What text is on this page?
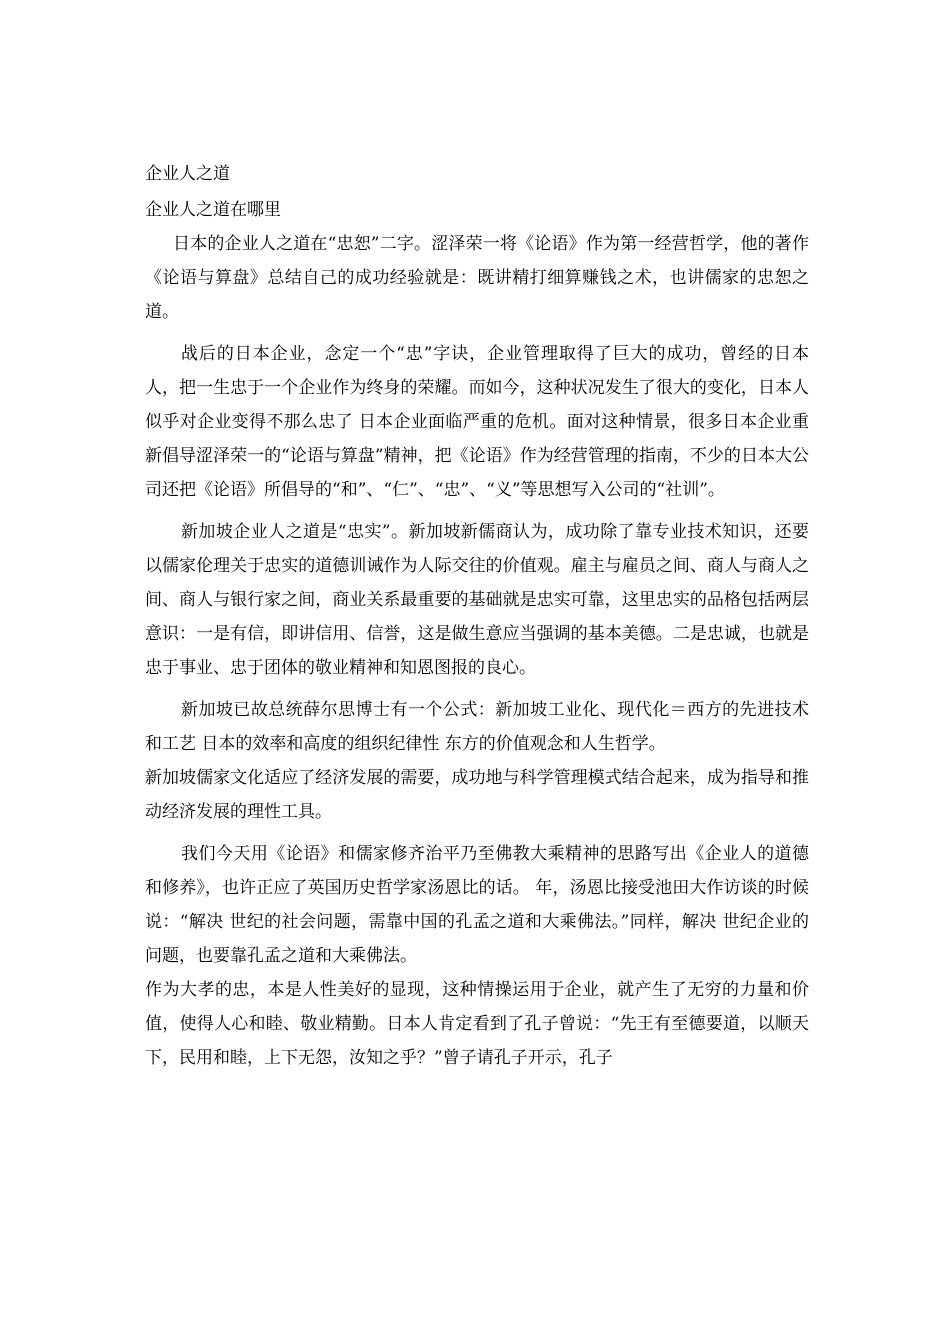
企业人之道
企业人之道在哪里

日本的企业人之道在“忠恕”二字。涩泽荣一将《论语》作为第一经营哲学，他的著作《论语与算盘》总结自己的成功经验就是：既讲精打细算赚钱之术，也讲儒家的忠恕之道。

战后的日本企业，念定一个“忠”字诀，企业管理取得了巨大的成功，曾经的日本人，把一生忠于一个企业作为终身的荣耀。而如今，这种状况发生了很大的变化，日本人似乎对企业变得不那么忠了 日本企业面临严重的危机。面对这种情景，很多日本企业重新倡导涩泽荣一的“论语与算盘”精神，把《论语》作为经营管理的指南，不少的日本大公司还把《论语》所倡导的“和”、“仁”、“忠”、“义”等思想写入公司的“社训”。

新加坡企业人之道是“忠实”。新加坡新儒商认为，成功除了靠专业技术知识，还要以儒家伦理关于忠实的道德训诫作为人际交往的价值观。雇主与雇员之间、商人与商人之间、商人与银行家之间，商业关系最重要的基础就是忠实可靠，这里忠实的品格包括两层意识：一是有信，即讲信用、信誉，这是做生意应当强调的基本美德。二是忠诚，也就是忠于事业、忠于团体的敬业精神和知恩图报的良心。

新加坡已故总统薛尔思博士有一个公式：新加坡工业化、现代化＝西方的先进技术和工艺 日本的效率和高度的组织纪律性 东方的价值观念和人生哲学。

新加坡儒家文化适应了经济发展的需要，成功地与科学管理模式结合起来，成为指导和推动经济发展的理性工具。

我们今天用《论语》和儒家修齐治平乃至佛教大乘精神的思路写出《企业人的道德和修养》，也许正应了英国历史哲学家汤恩比的话。 年，汤恩比接受池田大作访谈的时候说：“解决 世纪的社会问题，需靠中国的孔孟之道和大乘佛法。”同样，解决 世纪企业的问题，也要靠孔孟之道和大乘佛法。

作为大孝的忠，本是人性美好的显现，这种情操运用于企业，就产生了无穷的力量和价值，使得人心和睦、敬业精勤。日本人肯定看到了孔子曾说：“先王有至德要道，以顺天下，民用和睦，上下无怨，汝知之乎？”曾子请孔子开示，孔子
